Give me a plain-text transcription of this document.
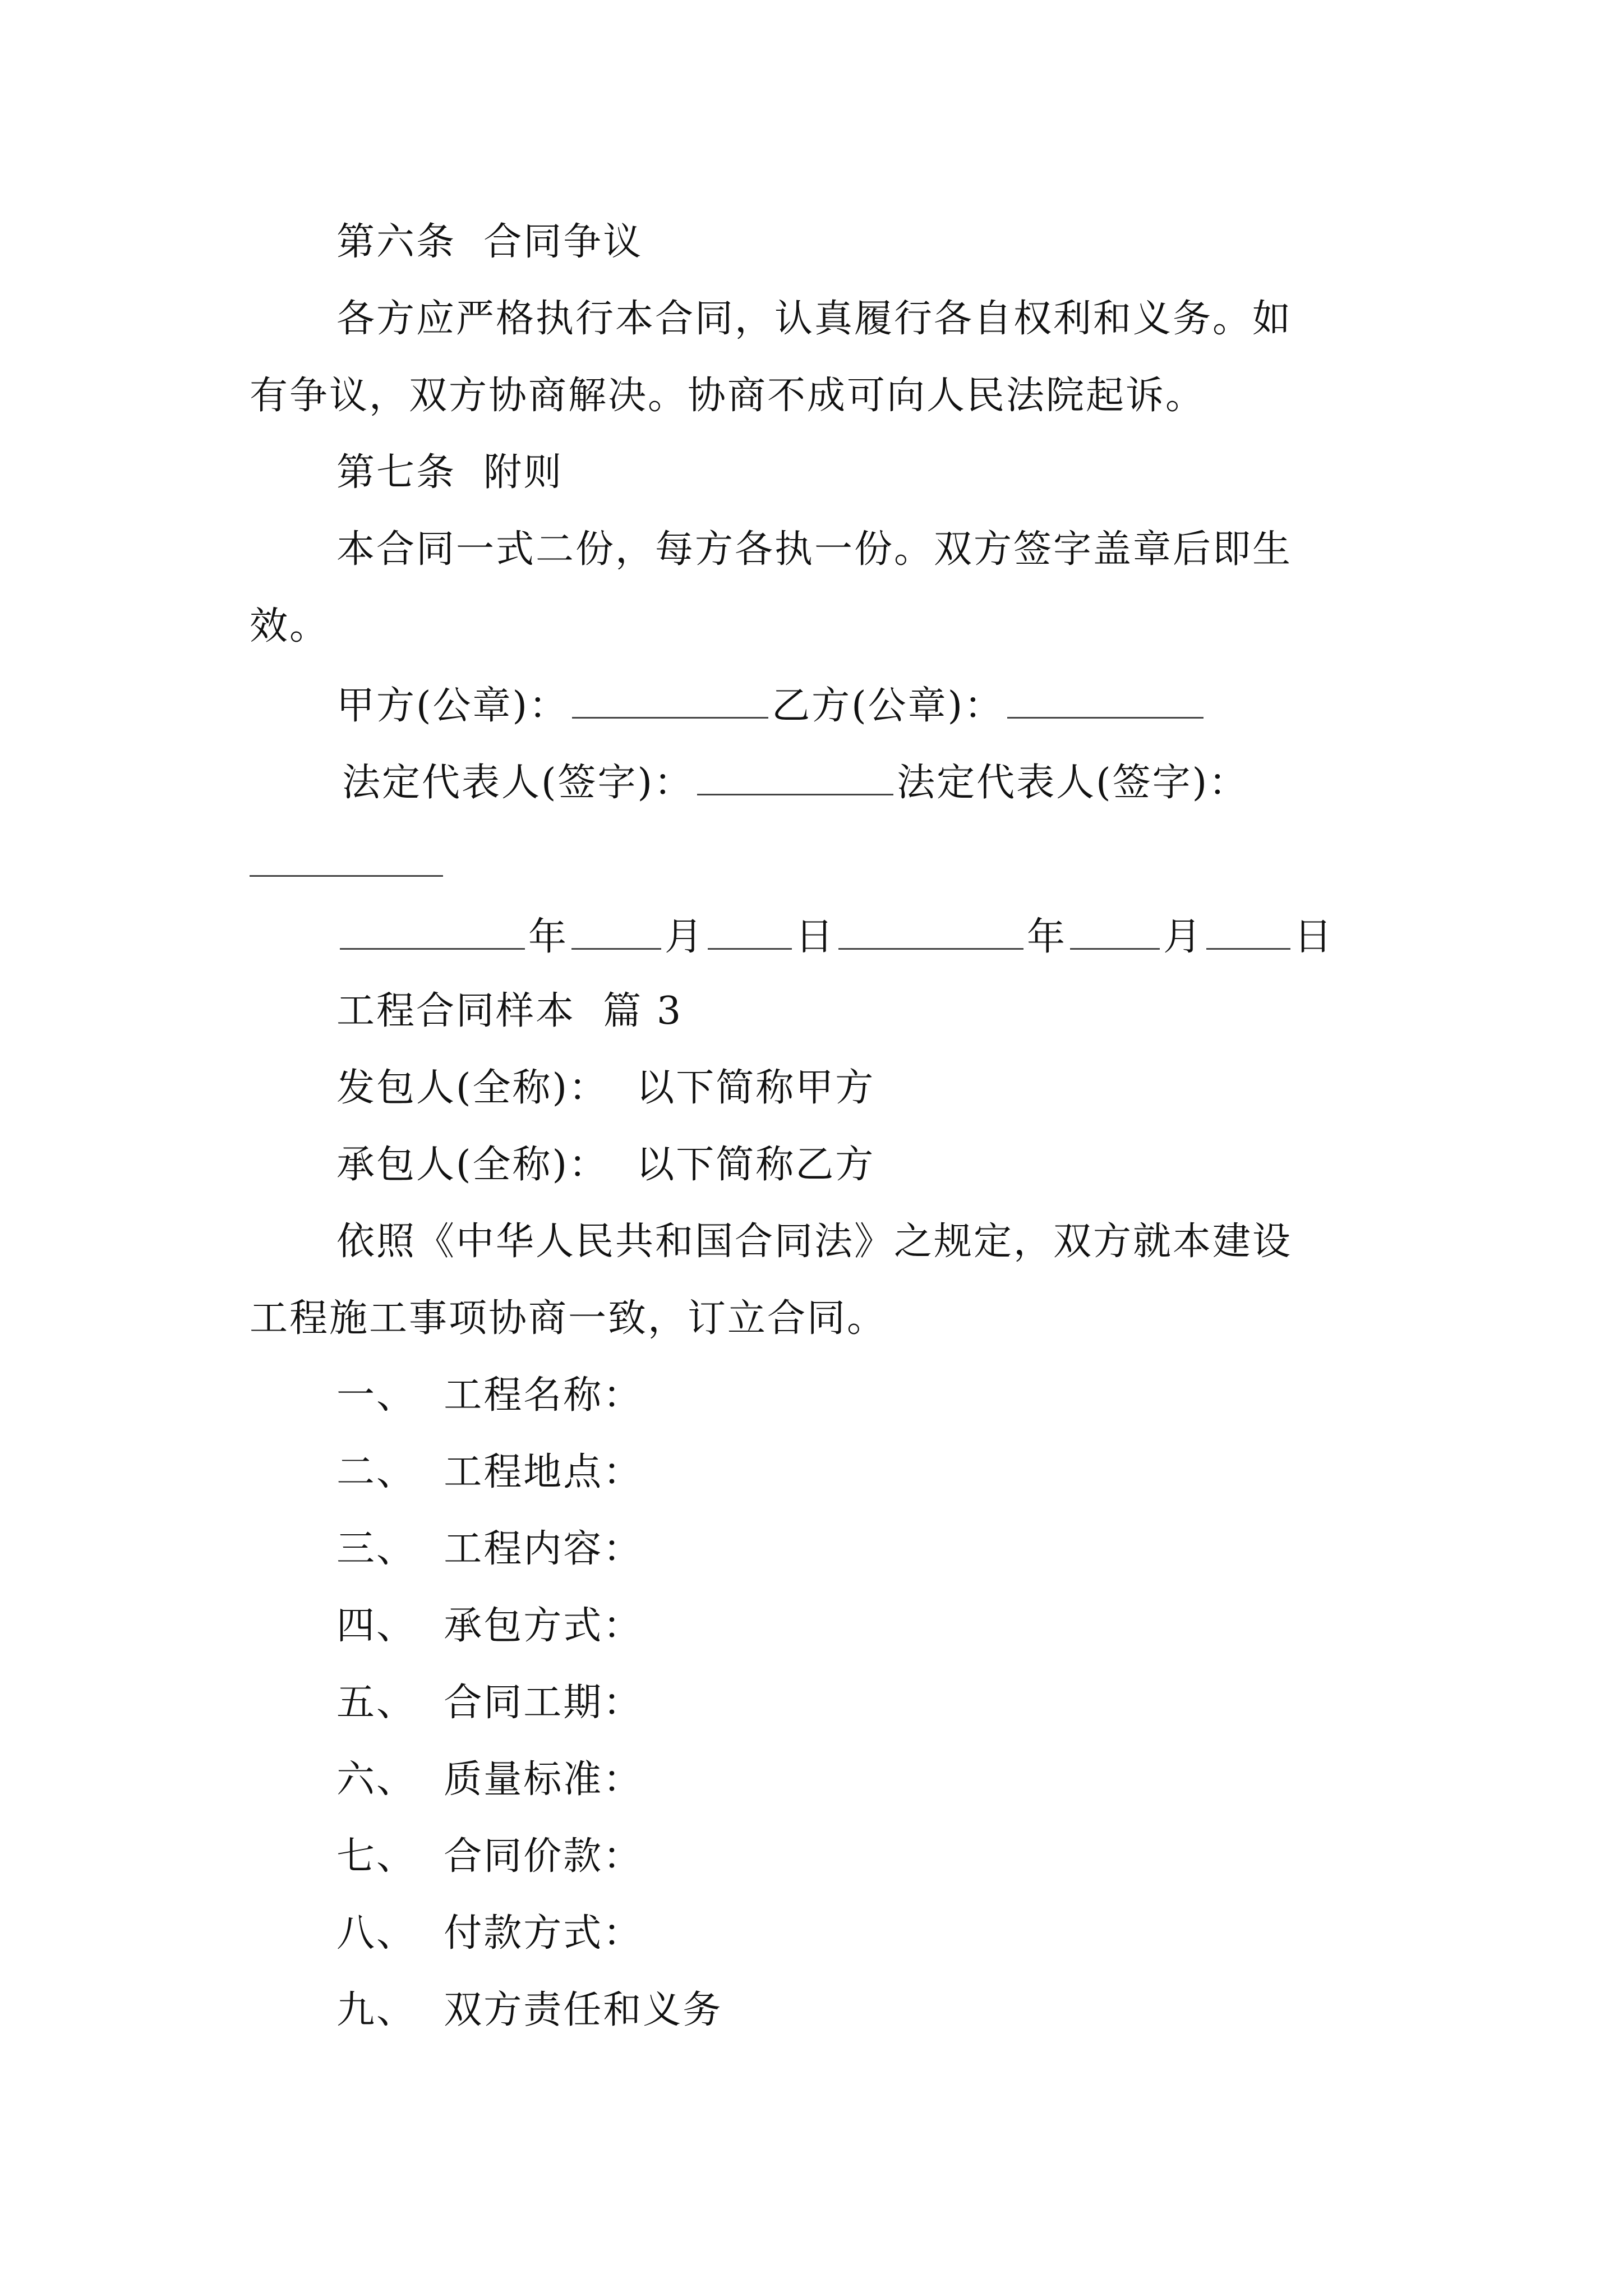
第六条  合同争议
各方应严格执行本合同，认真履行各自权利和义务。如
有争议，双方协商解决。协商不成可向人民法院起诉。
第七条  附则
本合同一式二份，每方各执一份。双方签字盖章后即生
效。
甲方(公章)：	乙方(公章)：
法定代表人(签字)：	法定代表人(签字)：
年	月 日	年	月 日
工程合同样本  篇 3
发包人(全称)：  以下简称甲方
承包人(全称)：  以下简称乙方
依照《中华人民共和国合同法》之规定，双方就本建设
工程施工事项协商一致，订立合同。
一、  工程名称：
二、  工程地点：
三、  工程内容：
四、  承包方式：
五、  合同工期：
六、  质量标准：
七、  合同价款：
八、  付款方式：
九、  双方责任和义务
